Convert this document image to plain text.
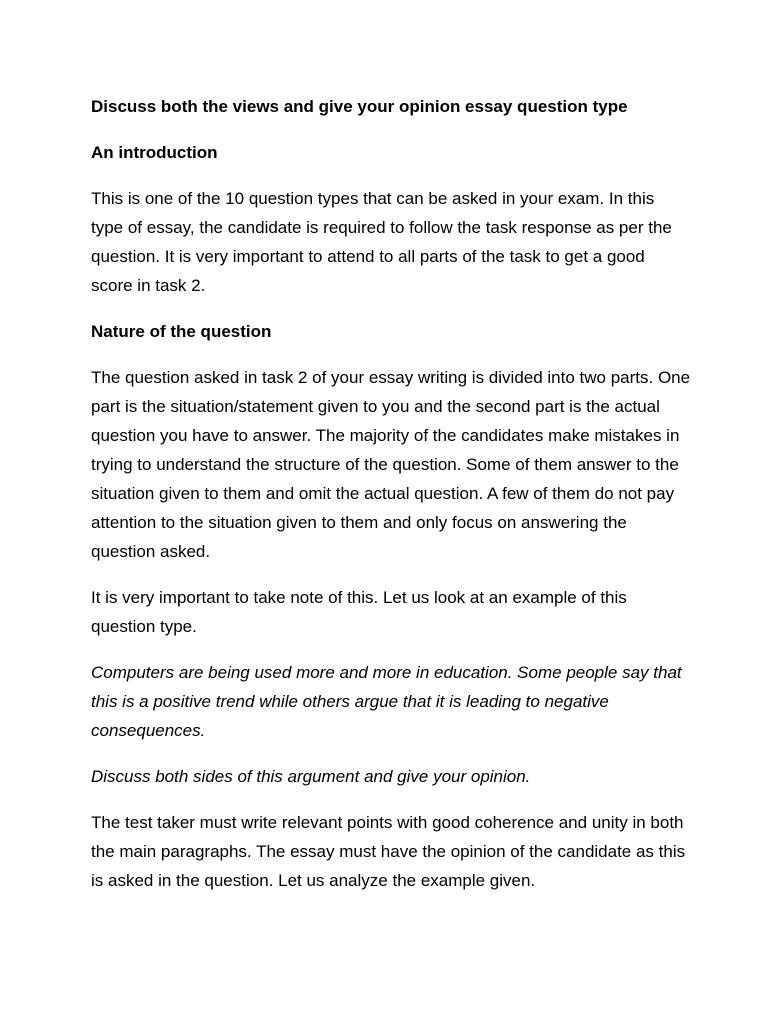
Discuss both the views and give your opinion essay question type

An introduction

This is one of the 10 question types that can be asked in your exam. In this type of essay, the candidate is required to follow the task response as per the question. It is very important to attend to all parts of the task to get a good score in task 2.

Nature of the question

The question asked in task 2 of your essay writing is divided into two parts. One part is the situation/statement given to you and the second part is the actual question you have to answer. The majority of the candidates make mistakes in trying to understand the structure of the question. Some of them answer to the situation given to them and omit the actual question. A few of them do not pay attention to the situation given to them and only focus on answering the question asked.

It is very important to take note of this. Let us look at an example of this question type.

Computers are being used more and more in education. Some people say that this is a positive trend while others argue that it is leading to negative consequences.

Discuss both sides of this argument and give your opinion.

The test taker must write relevant points with good coherence and unity in both the main paragraphs. The essay must have the opinion of the candidate as this is asked in the question. Let us analyze the example given.
